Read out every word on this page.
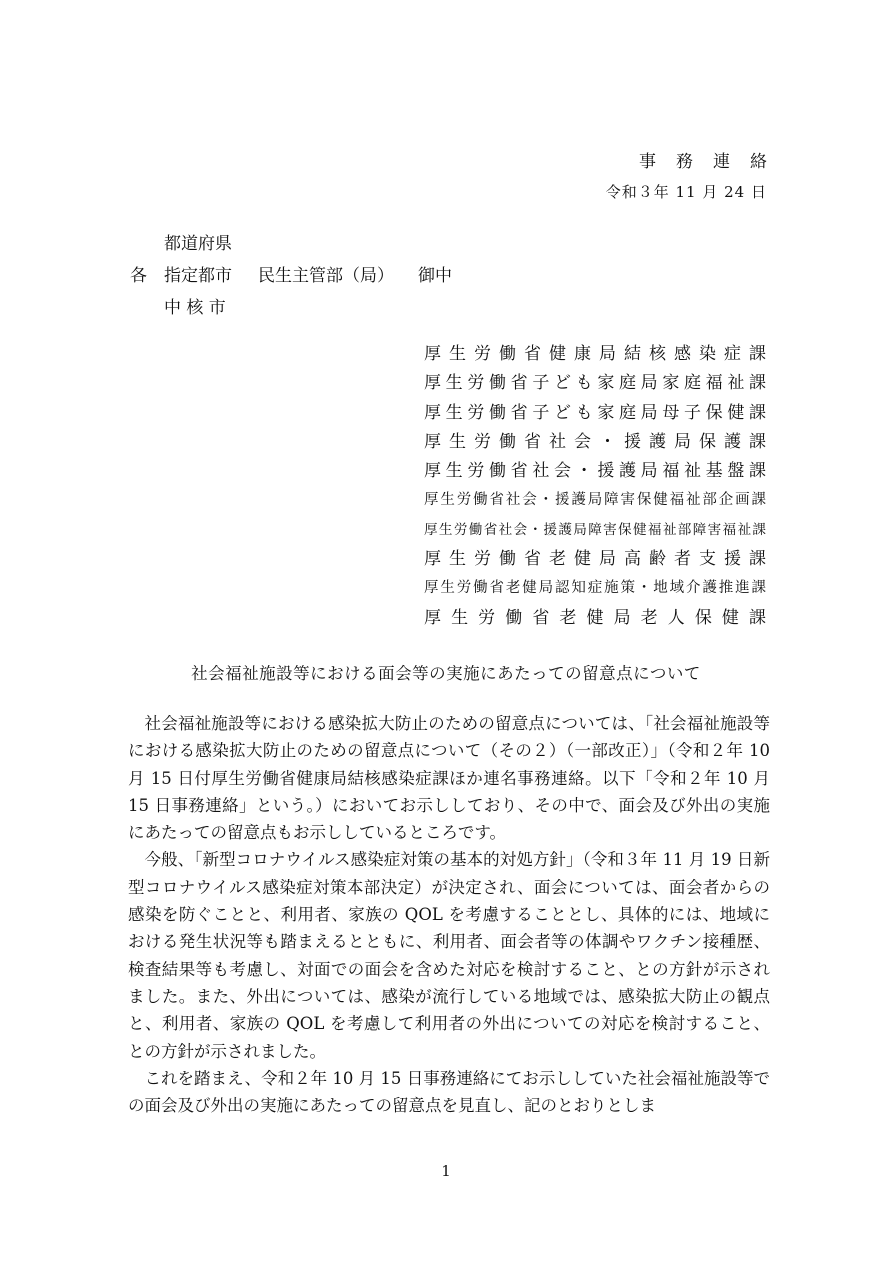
事務連絡
令和３年 11 月 24 日
都道府県
各	指定都市	民生主管部（局）	御中
中 核 市
厚生労働省健康局結核感染症課
厚生労働省子ども家庭局家庭福祉課
厚生労働省子ども家庭局母子保健課
厚生労働省社会・援護局保護課
厚生労働省社会・援護局福祉基盤課
厚生労働省社会・援護局障害保健福祉部企画課
厚生労働省社会・援護局障害保健福祉部障害福祉課
厚生労働省老健局高齢者支援課
厚生労働省老健局認知症施策・地域介護推進課
厚生労働省老健局老人保健課
社会福祉施設等における面会等の実施にあたっての留意点について

社会福祉施設等における感染拡大防止のための留意点については、「社会福祉施設等における感染拡大防止のための留意点について（その２）（一部改正）」（令和２年 10 月 15 日付厚生労働省健康局結核感染症課ほか連名事務連絡。以下「令和２年 10 月 15 日事務連絡」という。）においてお示ししており、その中で、面会及び外出の実施にあたっての留意点もお示ししているところです。

今般、「新型コロナウイルス感染症対策の基本的対処方針」（令和３年 11 月 19 日新型コロナウイルス感染症対策本部決定）が決定され、面会については、面会者からの感染を防ぐことと、利用者、家族の QOL を考慮することとし、具体的には、地域における発生状況等も踏まえるとともに、利用者、面会者等の体調やワクチン接種歴、検査結果等も考慮し、対面での面会を含めた対応を検討すること、との方針が示されました。また、外出については、感染が流行している地域では、感染拡大防止の観点と、利用者、家族の QOL を考慮して利用者の外出についての対応を検討すること、との方針が示されました。

これを踏まえ、令和２年 10 月 15 日事務連絡にてお示ししていた社会福祉施設等での面会及び外出の実施にあたっての留意点を見直し、記のとおりとしま

1
